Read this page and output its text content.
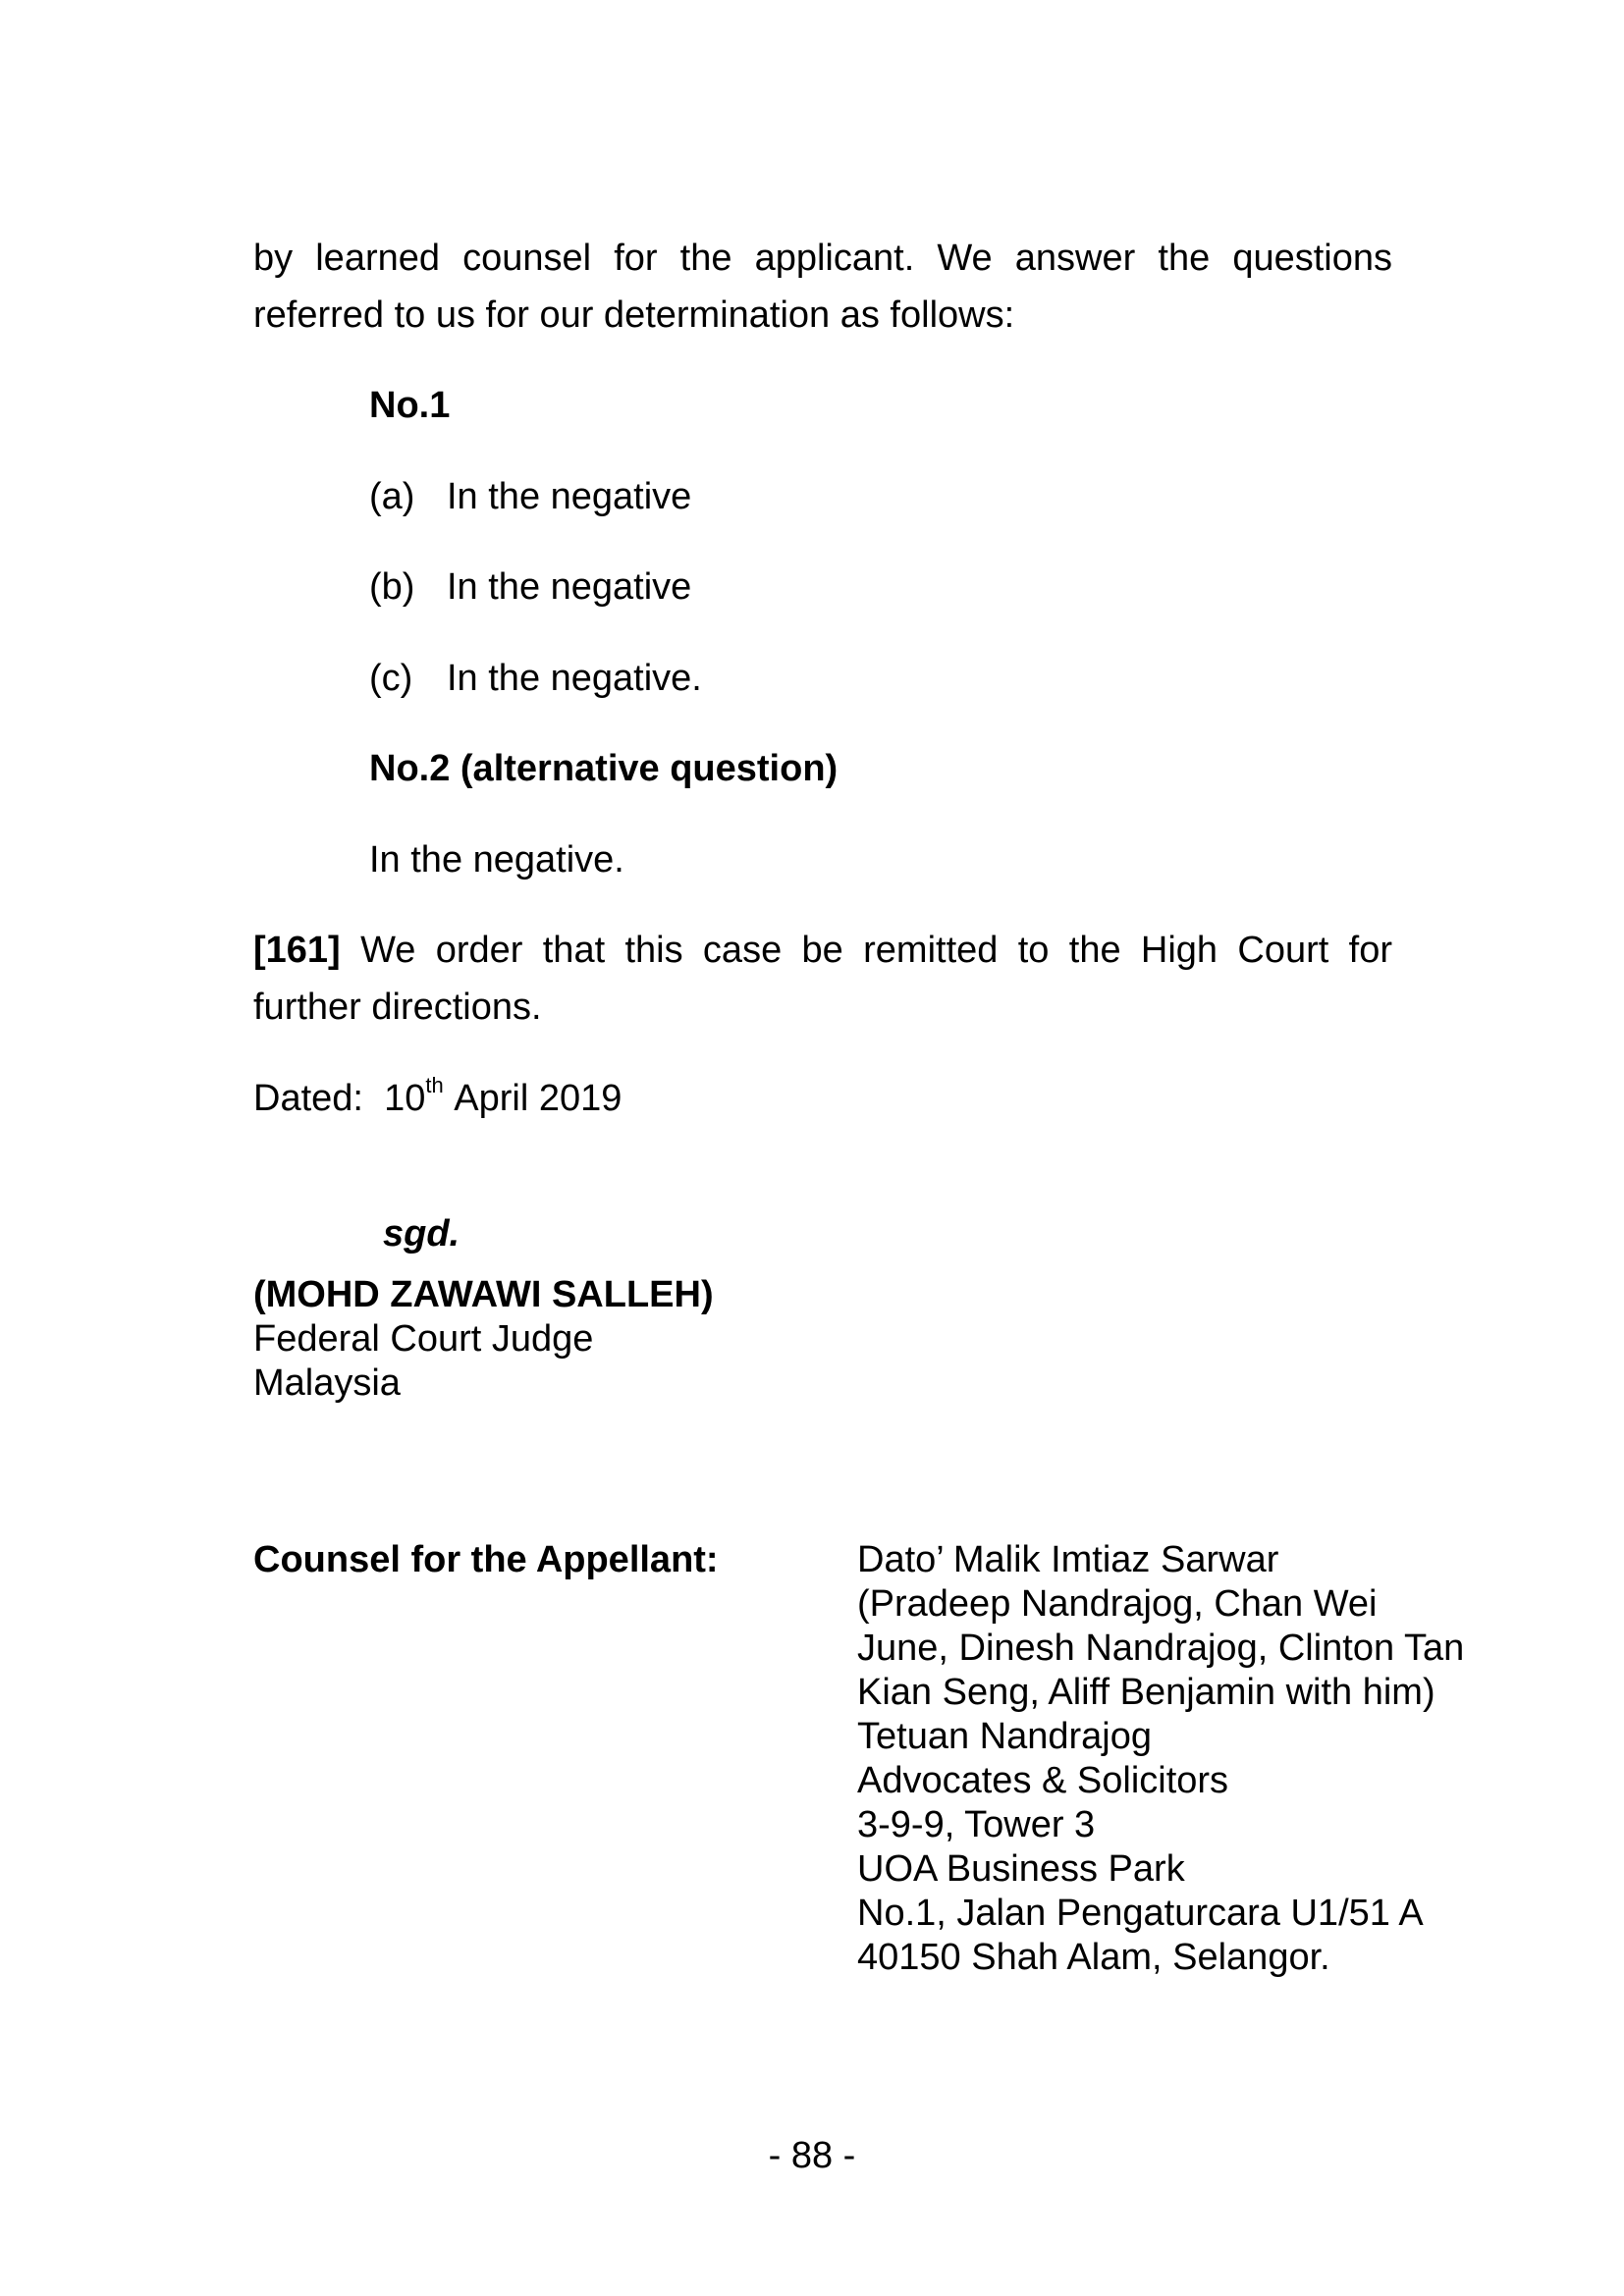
by learned counsel for the applicant. We answer the questions
referred to us for our determination as follows:
No.1
(a) In the negative
(b) In the negative
(c) In the negative.
No.2 (alternative question)
In the negative.
[161] We order that this case be remitted to the High Court for
further directions.
Dated: 10th April 2019
sgd.
(MOHD ZAWAWI SALLEH)
Federal Court Judge
Malaysia
Counsel for the Appellant:	Dato’ Malik Imtiaz Sarwar
(Pradeep Nandrajog, Chan Wei
June, Dinesh Nandrajog, Clinton Tan
Kian Seng, Aliff Benjamin with him)
Tetuan Nandrajog
Advocates & Solicitors
3-9-9, Tower 3
UOA Business Park
No.1, Jalan Pengaturcara U1/51 A
40150 Shah Alam, Selangor.
- 88 -
